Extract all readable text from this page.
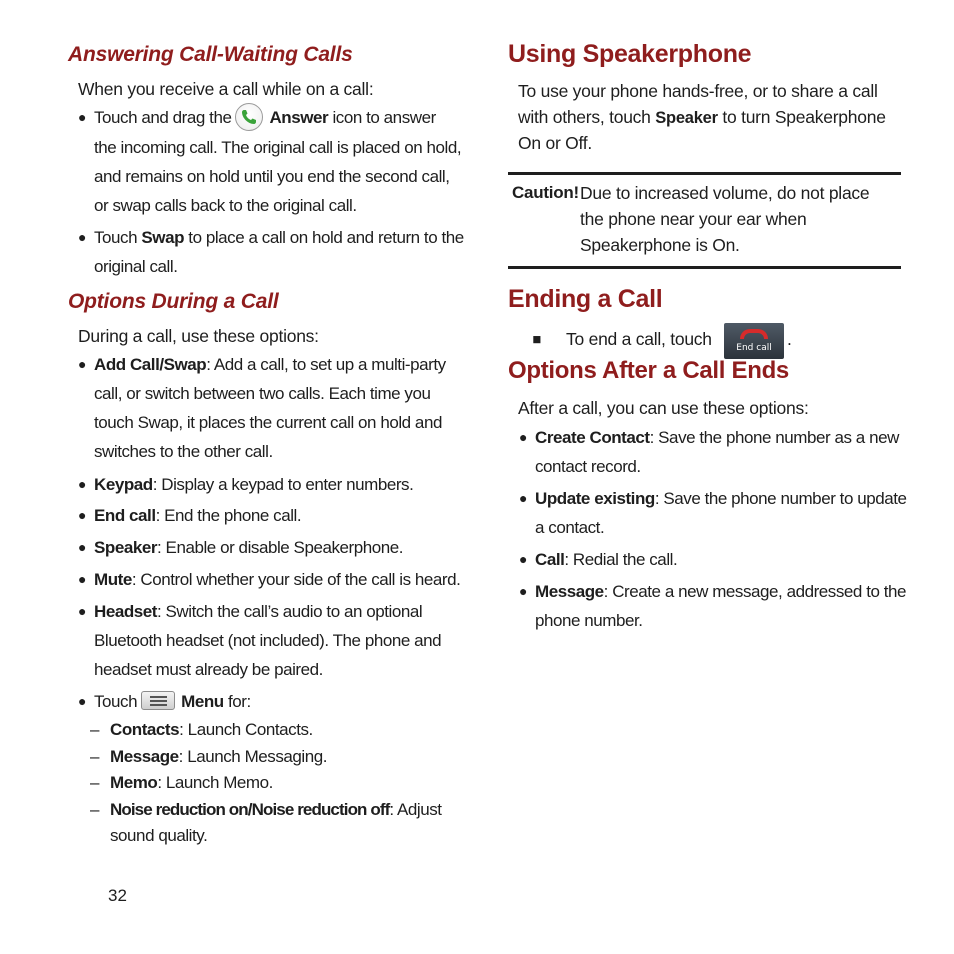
Answering Call-Waiting Calls
When you receive a call while on a call:
● Touch and drag the Answer icon to answer
the incoming call. The original call is placed on hold,
and remains on hold until you end the second call,
or swap calls back to the original call.
● Touch Swap to place a call on hold and return to the
original call.
Options During a Call
During a call, use these options:
● Add Call/Swap: Add a call, to set up a multi-party
call, or switch between two calls. Each time you
touch Swap, it places the current call on hold and
switches to the other call.
● Keypad: Display a keypad to enter numbers.
● End call: End the phone call.
● Speaker: Enable or disable Speakerphone.
● Mute: Control whether your side of the call is heard.
● Headset: Switch the call’s audio to an optional
Bluetooth headset (not included). The phone and
headset must already be paired.
● Touch	Menu for:
– Contacts: Launch Contacts.
– Message: Launch Messaging.
– Memo: Launch Memo.
– Noise reduction on/Noise reduction off: Adjust
sound quality.
32
Using Speakerphone
To use your phone hands-free, or to share a call
with others, touch Speaker to turn Speakerphone
On or Off.
Caution! Due to increased volume, do not place
the phone near your ear when
Speakerphone is On.
Ending a Call
◾ To end a call, touch	End call .
Options After a Call Ends
After a call, you can use these options:
● Create Contact: Save the phone number as a new
contact record.
● Update existing: Save the phone number to update
a contact.
● Call: Redial the call.
● Message: Create a new message, addressed to the
phone number.
